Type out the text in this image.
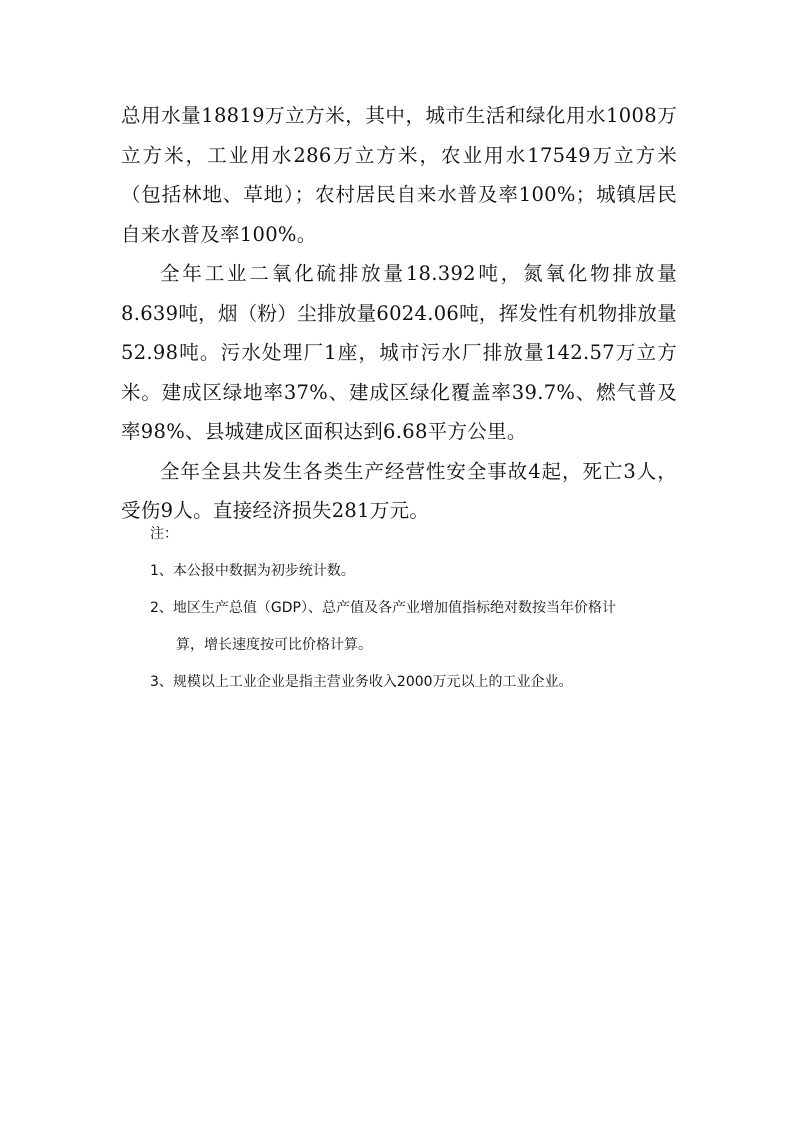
总用水量18819万立方米，其中，城市生活和绿化用水1008万立方米，工业用水286万立方米，农业用水17549万立方米（包括林地、草地）；农村居民自来水普及率100%；城镇居民自来水普及率100%。

全年工业二氧化硫排放量18.392吨，氮氧化物排放量8.639吨，烟（粉）尘排放量6024.06吨，挥发性有机物排放量52.98吨。污水处理厂1座，城市污水厂排放量142.57万立方米。建成区绿地率37%、建成区绿化覆盖率39.7%、燃气普及率98%、县城建成区面积达到6.68平方公里。

全年全县共发生各类生产经营性安全事故4起，死亡3人，受伤9人。直接经济损失281万元。

注：

1、本公报中数据为初步统计数。
2、地区生产总值（GDP）、总产值及各产业增加值指标绝对数按当年价格计
算，增长速度按可比价格计算。
3、规模以上工业企业是指主营业务收入2000万元以上的工业企业。
